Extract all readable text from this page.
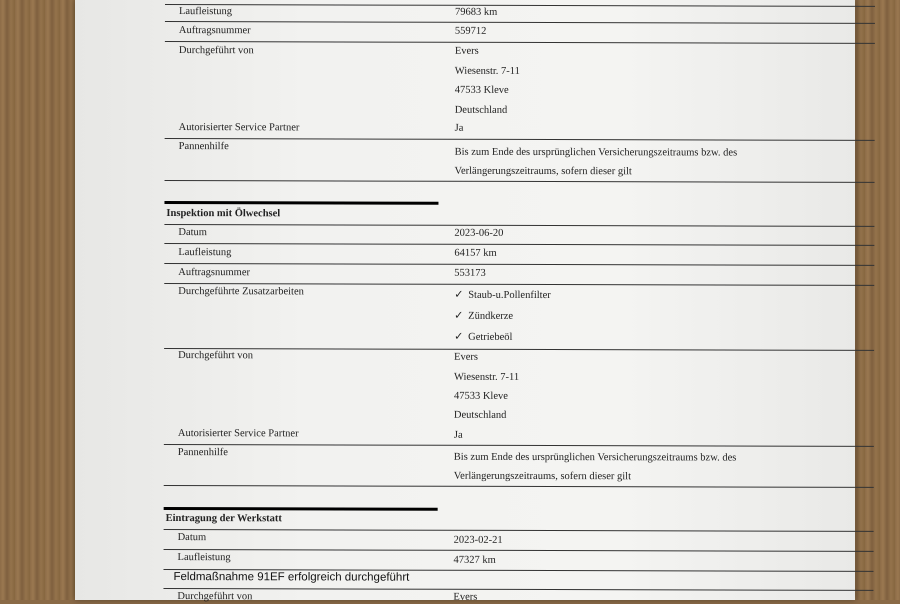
Laufleistung	79683 km
Auftragsnummer	559712
Durchgeführt von	Evers
Wiesenstr. 7-11
47533 Kleve
Deutschland
Autorisierter Service Partner	Ja
Pannenhilfe
Bis zum Ende des ursprünglichen Versicherungszeitraums bzw. des
Verlängerungszeitraums, sofern dieser gilt
Inspektion mit Ölwechsel
Datum	2023-06-20
Laufleistung	64157 km
Auftragsnummer	553173
Durchgeführte Zusatzarbeiten	✓ Staub-u.Pollenfilter
✓ Zündkerze
✓ Getriebeöl
Durchgeführt von	Evers
Wiesenstr. 7-11
47533 Kleve
Deutschland
Autorisierter Service Partner	Ja
Pannenhilfe	Bis zum Ende des ursprünglichen Versicherungszeitraums bzw. des
Verlängerungszeitraums, sofern dieser gilt
Eintragung der Werkstatt
Datum	2023-02-21
Laufleistung	47327 km
Feldmaßnahme 91EF erfolgreich durchgeführt
Durchgeführt von	Evers
